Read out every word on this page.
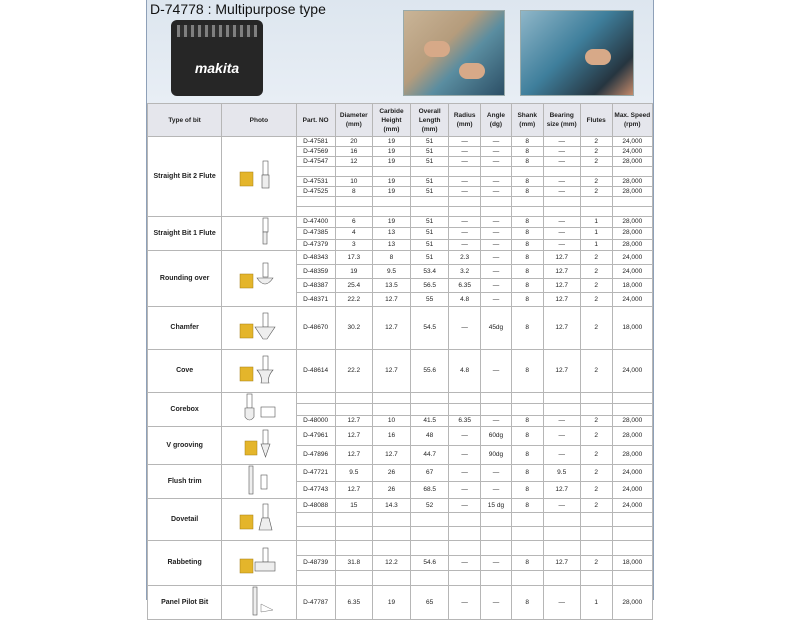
D-74778 : Multipurpose type
makita
Type of bit	Photo	Part. NO	Diameter (mm)	Carbide Height (mm)	Overall Length (mm)	Radius (mm)	Angle (dg)	Shank (mm)	Bearing size (mm)	Flutes	Max. Speed (rpm)
Straight Bit 2 Flute		D-47581	20	19	51	—	—	8	—	2	24,000
		D-47569	16	19	51	—	—	8	—	2	24,000
		D-47547	12	19	51	—	—	8	—	2	28,000

		D-47531	10	19	51	—	—	8	—	2	28,000
		D-47525	8	19	51	—	—	8	—	2	28,000

Straight Bit 1 Flute		D-47400	6	19	51	—	—	8	—	1	28,000
		D-47385	4	13	51	—	—	8	—	1	28,000
		D-47379	3	13	51	—	—	8	—	1	28,000
Rounding over		D-48343	17.3	8	51	2.3	—	8	12.7	2	24,000
		D-48359	19	9.5	53.4	3.2	—	8	12.7	2	24,000
		D-48387	25.4	13.5	56.5	6.35	—	8	12.7	2	18,000
		D-48371	22.2	12.7	55	4.8	—	8	12.7	2	24,000
Chamfer		D-48670	30.2	12.7	54.5	—	45dg	8	12.7	2	18,000
Cove		D-48614	22.2	12.7	55.6	4.8	—	8	12.7	2	24,000
Corebox											

		D-48000	12.7	10	41.5	6.35	—	8	—	2	28,000
V grooving		D-47961	12.7	16	48	—	60dg	8	—	2	28,000
		D-47896	12.7	12.7	44.7	—	90dg	8	—	2	28,000
Flush trim		D-47721	9.5	26	67	—	—	8	9.5	2	24,000
		D-47743	12.7	26	68.5	—	—	8	12.7	2	24,000
Dovetail		D-48088	15	14.3	52	—	15 dg	8	—	2	24,000

Rabbeting											
		D-48739	31.8	12.2	54.6	—	—	8	12.7	2	18,000

Panel Pilot Bit		D-47787	6.35	19	65	—	—	8	—	1	28,000
